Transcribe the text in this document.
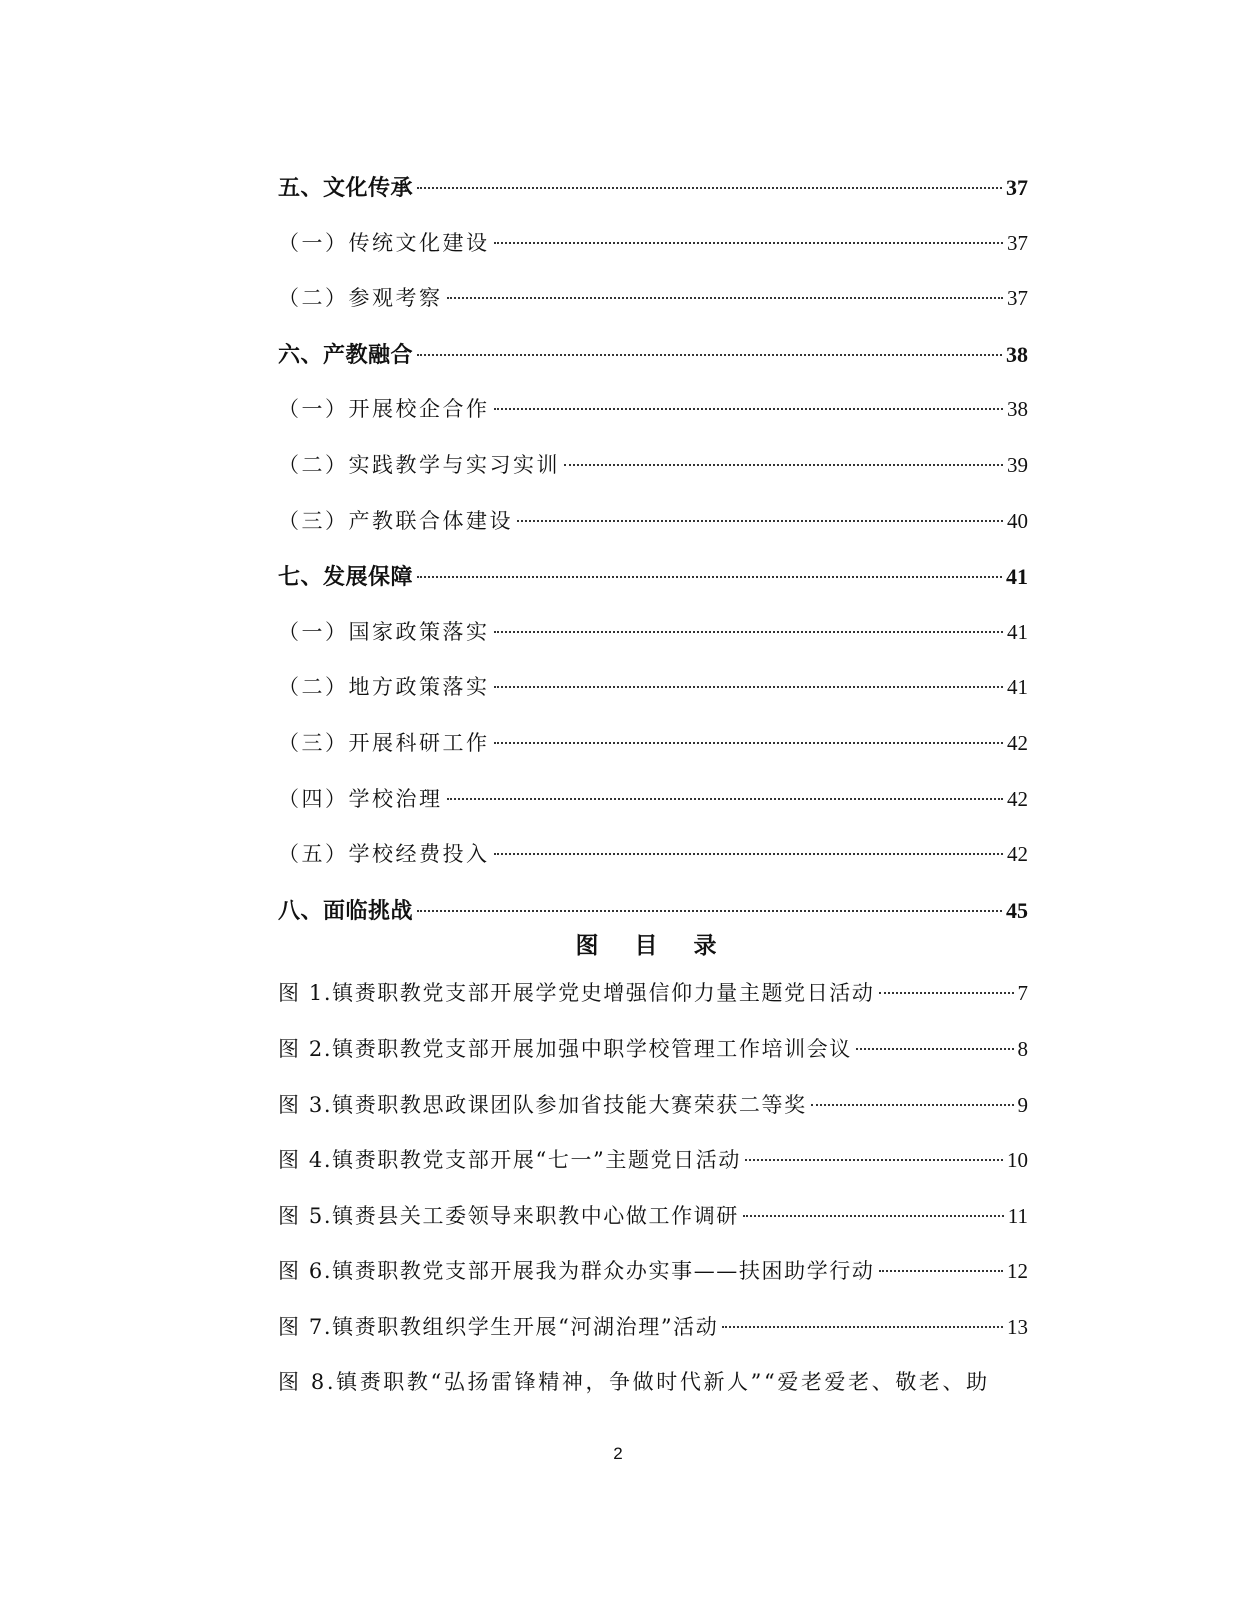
五、文化传承	37
（一）传统文化建设	37
（二）参观考察	37
六、产教融合	38
（一）开展校企合作	38
（二）实践教学与实习实训	39
（三）产教联合体建设	40
七、发展保障	41
（一）国家政策落实	41
（二）地方政策落实	41
（三）开展科研工作	42
（四）学校治理	42
（五）学校经费投入	42
八、面临挑战	45
图 目 录
图 1.镇赉职教党支部开展学党史增强信仰力量主题党日活动	7
图 2.镇赉职教党支部开展加强中职学校管理工作培训会议	8
图 3.镇赉职教思政课团队参加省技能大赛荣获二等奖	9
图 4.镇赉职教党支部开展“七一”主题党日活动	10
图 5.镇赉县关工委领导来职教中心做工作调研	11
图 6.镇赉职教党支部开展我为群众办实事——扶困助学行动	12
图 7.镇赉职教组织学生开展“河湖治理”活动	13
图 8.镇赉职教“弘扬雷锋精神，争做时代新人”“爱老爱老、敬老、助
2
